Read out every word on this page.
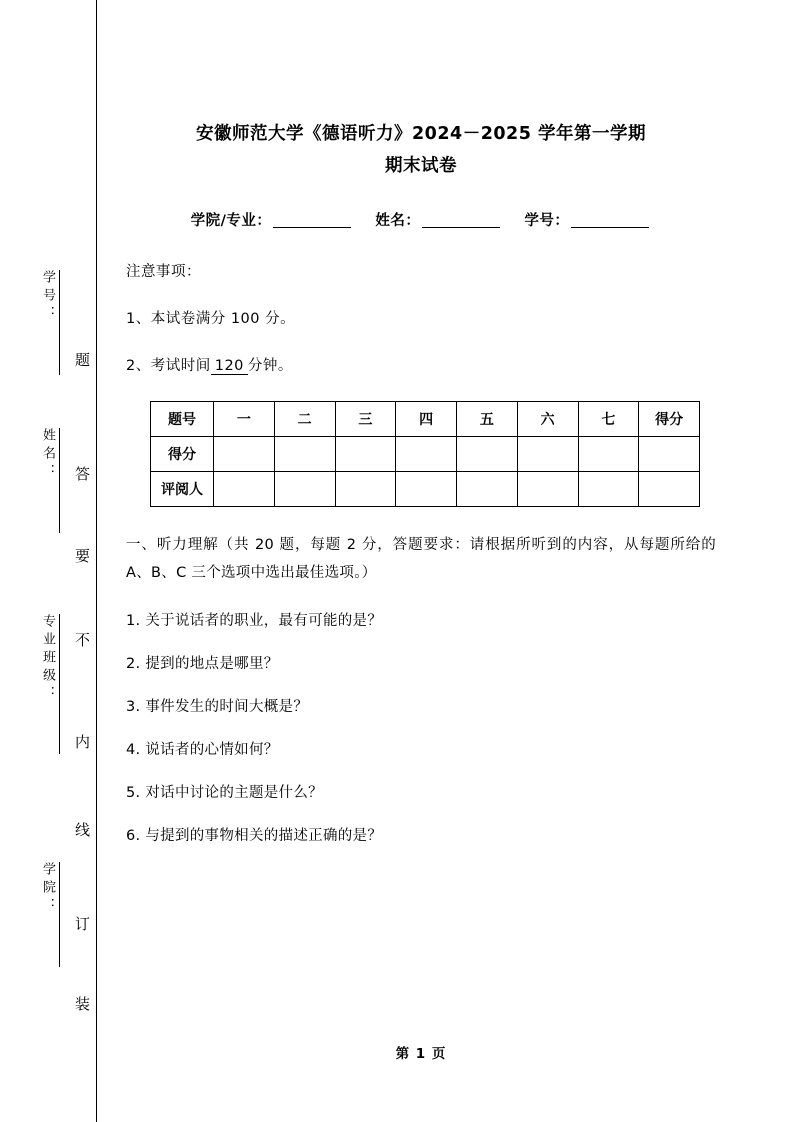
学号：
姓名：
专业班级：
学院：
题
答
要
不
内
线
订
装
安徽师范大学《德语听力》2024－2025 学年第一学期
期末试卷
学院/专业：	姓名：	学号：
注意事项：
1、本试卷满分 100 分。
2、考试时间 120 分钟。
题号	一	二	三	四	五	六	七	得分
得分								
评阅人								
一、听力理解（共 20 题，每题 2 分，答题要求：请根据所听到的内容，从每题所给的 A、B、C 三个选项中选出最佳选项。）
1. 关于说话者的职业，最有可能的是？
2. 提到的地点是哪里？
3. 事件发生的时间大概是？
4. 说话者的心情如何？
5. 对话中讨论的主题是什么？
6. 与提到的事物相关的描述正确的是？
第 1 页
